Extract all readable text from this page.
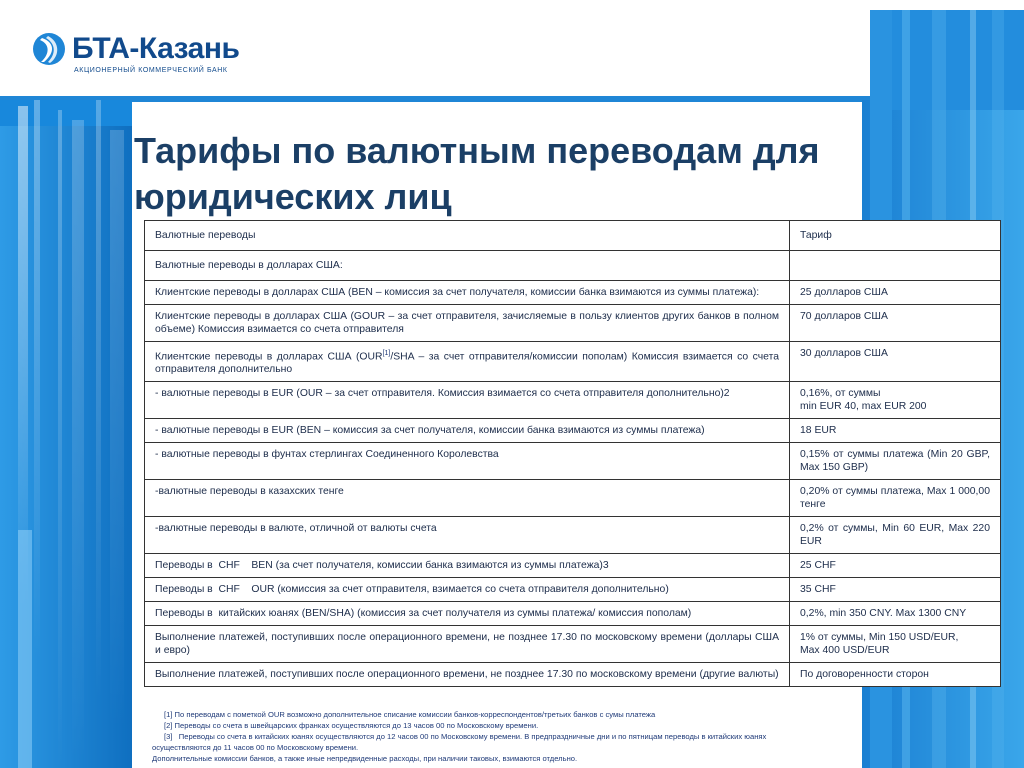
БТА-Казань
АКЦИОНЕРНЫЙ КОММЕРЧЕСКИЙ БАНК
Тарифы по валютным переводам для юридических лиц
Валютные переводы	Тариф
Валютные переводы в долларах США:	
Клиентские переводы в долларах США (BEN – комиссия за счет получателя, комиссии банка взимаются из суммы платежа):	25 долларов США
Клиентские переводы в долларах США (GOUR – за счет отправителя, зачисляемые в пользу клиентов других банков в полном объеме) Комиссия взимается со счета отправителя	70 долларов США
Клиентские переводы в долларах США (OUR[1]/SHA – за счет отправителя/комиссии пополам) Комиссия взимается со счета отправителя дополнительно	30 долларов США
- валютные переводы в EUR (OUR – за счет отправителя. Комиссия взимается со счета отправителя дополнительно)2	0,16%, от суммы
min EUR 40, max EUR 200

- валютные переводы в EUR (BEN – комиссия за счет получателя, комиссии банка взимаются из суммы платежа)	18 EUR
- валютные переводы в фунтах стерлингах Соединенного Королевства	0,15% от суммы платежа (Min 20 GBP, Max 150 GBP)
-валютные переводы в казахских тенге	0,20% от суммы платежа, Max 1 000,00 тенге
-валютные переводы в валюте, отличной от валюты счета	0,2% от суммы, Min 60 EUR, Max 220 EUR
Переводы в  CHF    BEN (за счет получателя, комиссии банка взимаются из суммы платежа)3	25 CHF
Переводы в  CHF    OUR (комиссия за счет отправителя, взимается со счета отправителя дополнительно)	35 CHF
Переводы в  китайских юанях (BEN/SHA) (комиссия за счет получателя из суммы платежа/ комиссия пополам)	0,2%, min 350 CNY. Max 1300 CNY
Выполнение платежей, поступивших после операционного времени, не позднее 17.30 по московскому времени (доллары США и евро)	1% от суммы, Min 150 USD/EUR,
Max 400 USD/EUR

Выполнение платежей, поступивших после операционного времени, не позднее 17.30 по московскому времени (другие валюты)	По договоренности сторон
[1] По переводам с пометкой OUR возможно дополнительное списание комиссии банков-корреспондентов/третьих банков с сумы платежа
[2] Переводы со счета в швейцарских франках осуществляются до 13 часов 00 по Московскому времени.
[3]   Переводы со счета в китайских юанях осуществляются до 12 часов 00 по Московскому времени. В предпраздничные дни и по пятницам переводы в китайских юанях
осуществляются до 11 часов 00 по Московскому времени.
Дополнительные комиссии банков, а также иные непредвиденные расходы, при наличии таковых, взимаются отдельно.
